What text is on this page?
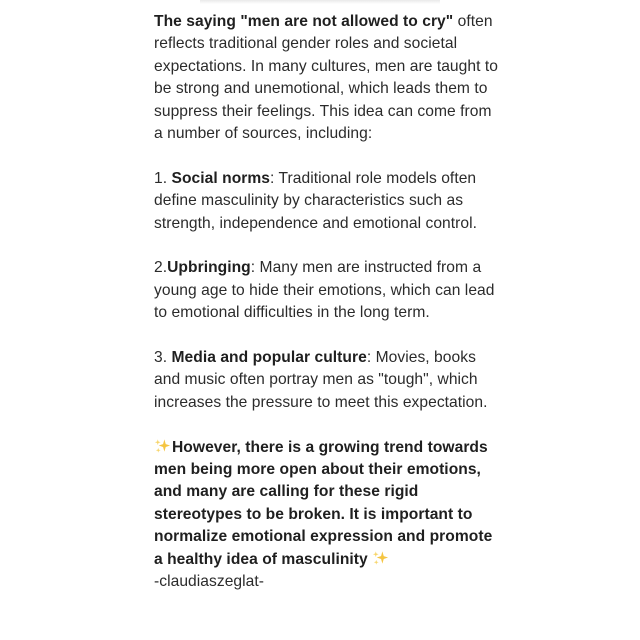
The saying "men are not allowed to cry" often reflects traditional gender roles and societal expectations. In many cultures, men are taught to be strong and unemotional, which leads them to suppress their feelings. This idea can come from a number of sources, including:

1. Social norms: Traditional role models often define masculinity by characteristics such as strength, independence and emotional control.

2.Upbringing: Many men are instructed from a young age to hide their emotions, which can lead to emotional difficulties in the long term.

3. Media and popular culture: Movies, books and music often portray men as "tough", which increases the pressure to meet this expectation.

However, there is a growing trend towards men being more open about their emotions, and many are calling for these rigid stereotypes to be broken. It is important to normalize emotional expression and promote a healthy idea of masculinity

-claudiaszeglat-
